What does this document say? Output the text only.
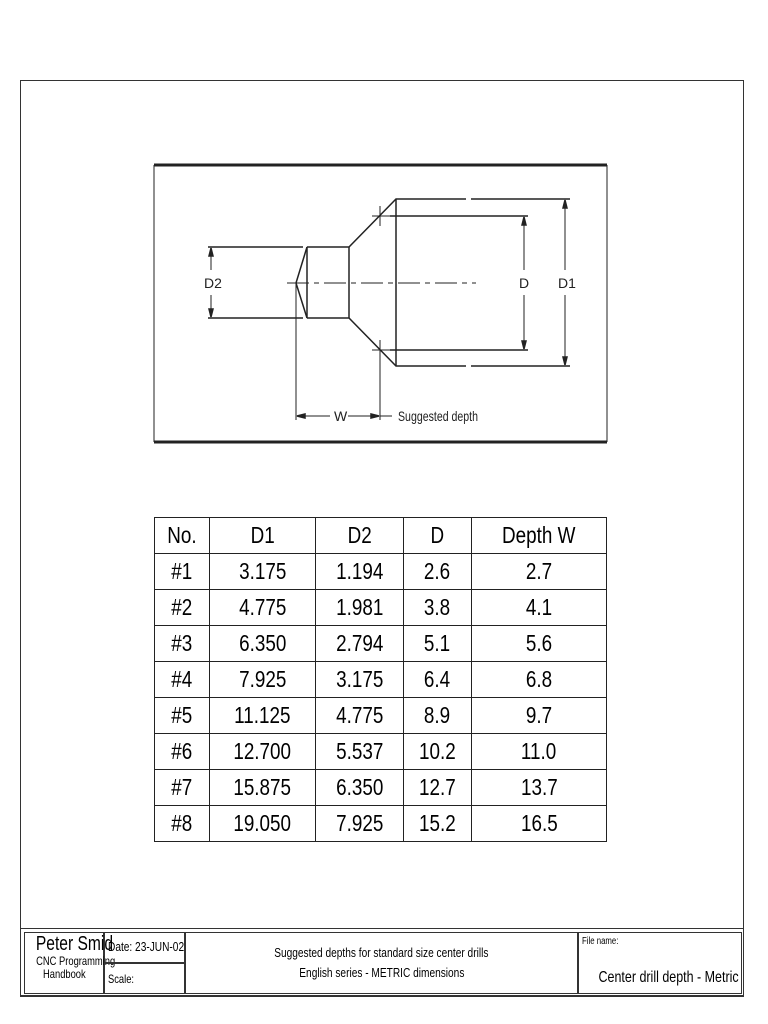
D2	D D1
W	Suggested depth
No.	D1	D2	D	Depth W
#1	3.175	1.194	2.6	2.7
#2	4.775	1.981	3.8	4.1
#3	6.350	2.794	5.1	5.6
#4	7.925	3.175	6.4	6.8
#5	11.125	4.775	8.9	9.7
#6	12.700	5.537	10.2	11.0
#7	15.875	6.350	12.7	13.7
#8	19.050	7.925	15.2	16.5
Peter Smid
CNC Programming
Handbook
Date: 23-JUN-02
Scale:
Suggested depths for standard size center drills
English series - METRIC dimensions
File name:
Center drill depth - Metric
